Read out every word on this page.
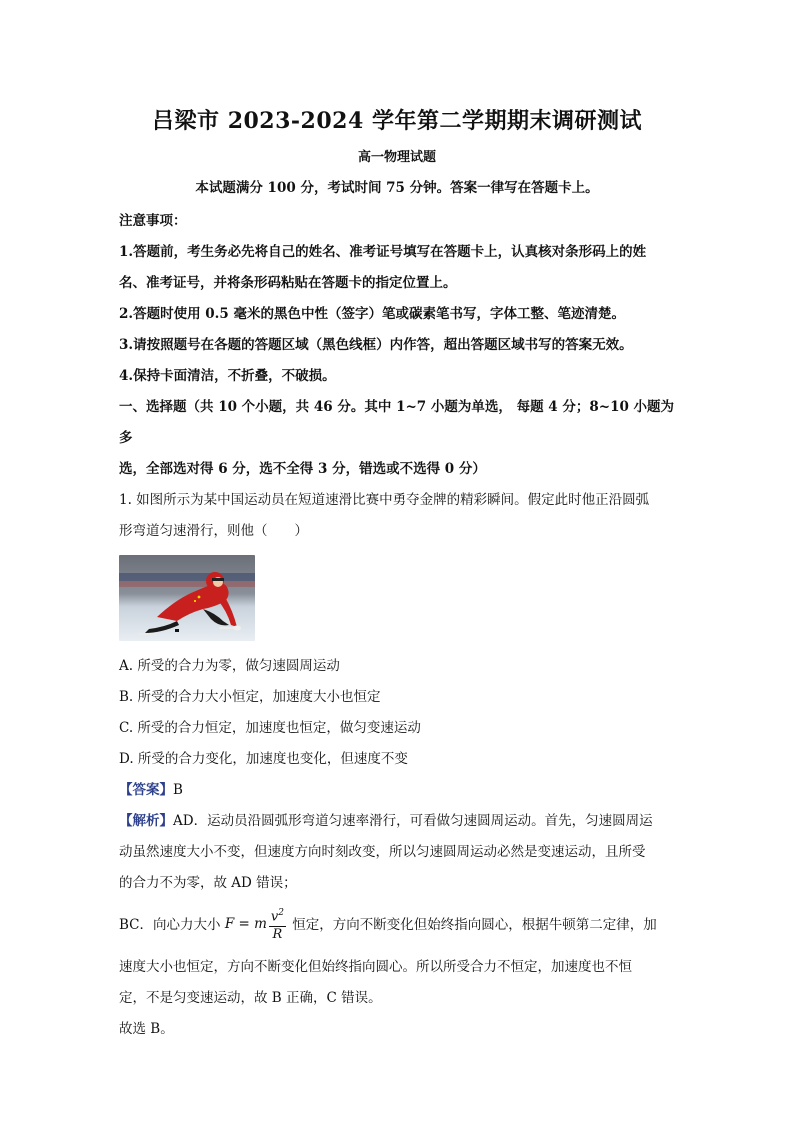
吕梁市 2023-2024 学年第二学期期末调研测试
高一物理试题
本试题满分 100 分，考试时间 75 分钟。答案一律写在答题卡上。

注意事项：

1.答题前，考生务必先将自己的姓名、准考证号填写在答题卡上，认真核对条形码上的姓

名、准考证号，并将条形码粘贴在答题卡的指定位置上。

2.答题时使用 0.5 毫米的黑色中性（签字）笔或碳素笔书写，字体工整、笔迹清楚。

3.请按照题号在各题的答题区域（黑色线框）内作答，超出答题区域书写的答案无效。

4.保持卡面清洁，不折叠，不破损。

一、选择题（共 10 个小题，共 46 分。其中 1~7 小题为单选， 每题 4 分；8~10 小题为多

选，全部选对得 6 分，选不全得 3 分，错选或不选得 0 分）

1. 如图所示为某中国运动员在短道速滑比赛中勇夺金牌的精彩瞬间。假定此时他正沿圆弧

形弯道匀速滑行，则他（　　）

A. 所受的合力为零，做匀速圆周运动

B. 所受的合力大小恒定，加速度大小也恒定

C. 所受的合力恒定，加速度也恒定，做匀变速运动

D. 所受的合力变化，加速度也变化，但速度不变

【答案】B

【解析】AD．运动员沿圆弧形弯道匀速率滑行，可看做匀速圆周运动。首先，匀速圆周运

动虽然速度大小不变，但速度方向时刻改变，所以匀速圆周运动必然是变速运动，且所受

的合力不为零，故 AD 错误；

BC．向心力大小 F = m $\frac{v^2}{R}$ 恒定，方向不断变化但始终指向圆心，根据牛顿第二定律，加

速度大小也恒定，方向不断变化但始终指向圆心。所以所受合力不恒定，加速度也不恒

定，不是匀变速运动，故 B 正确，C 错误。

故选 B。
